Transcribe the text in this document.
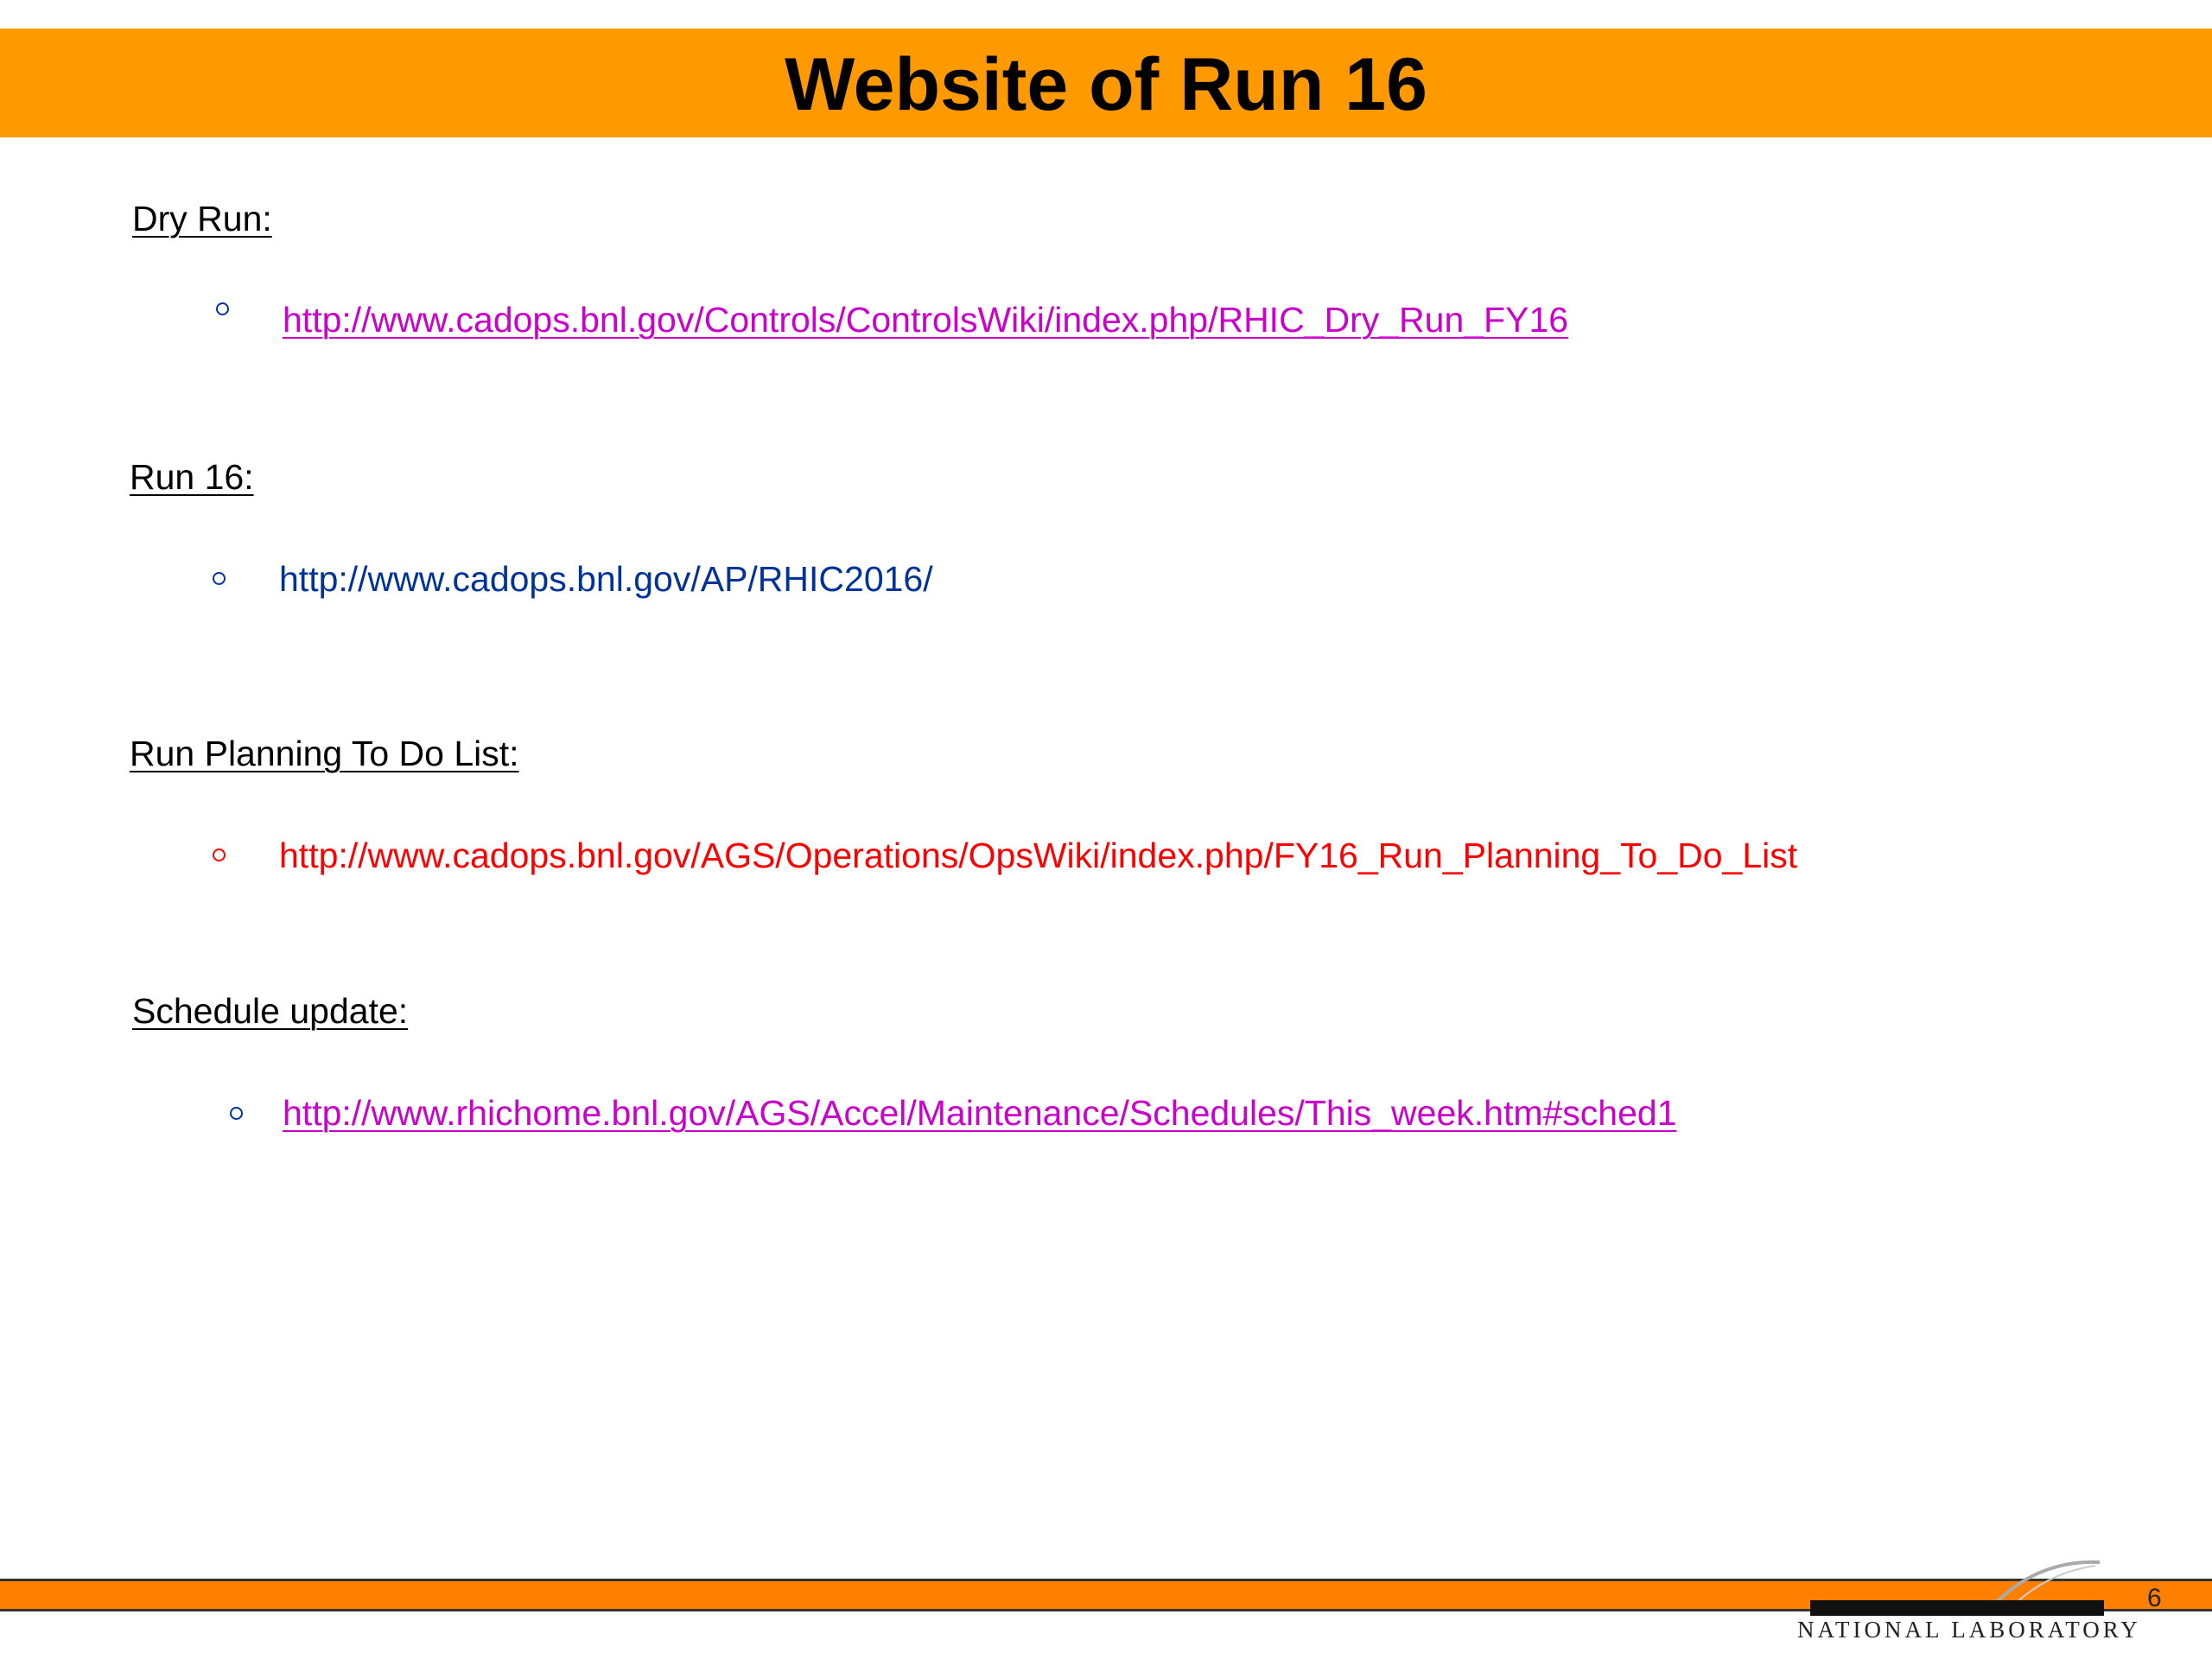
Website of Run 16
Dry Run:
http://www.cadops.bnl.gov/Controls/ControlsWiki/index.php/RHIC_Dry_Run_FY16
Run 16:
http://www.cadops.bnl.gov/AP/RHIC2016/
Run Planning To Do List:
http://www.cadops.bnl.gov/AGS/Operations/OpsWiki/index.php/FY16_Run_Planning_To_Do_List
Schedule update:
http://www.rhichome.bnl.gov/AGS/Accel/Maintenance/Schedules/This_week.htm#sched1
NATIONAL LABORATORY
6
